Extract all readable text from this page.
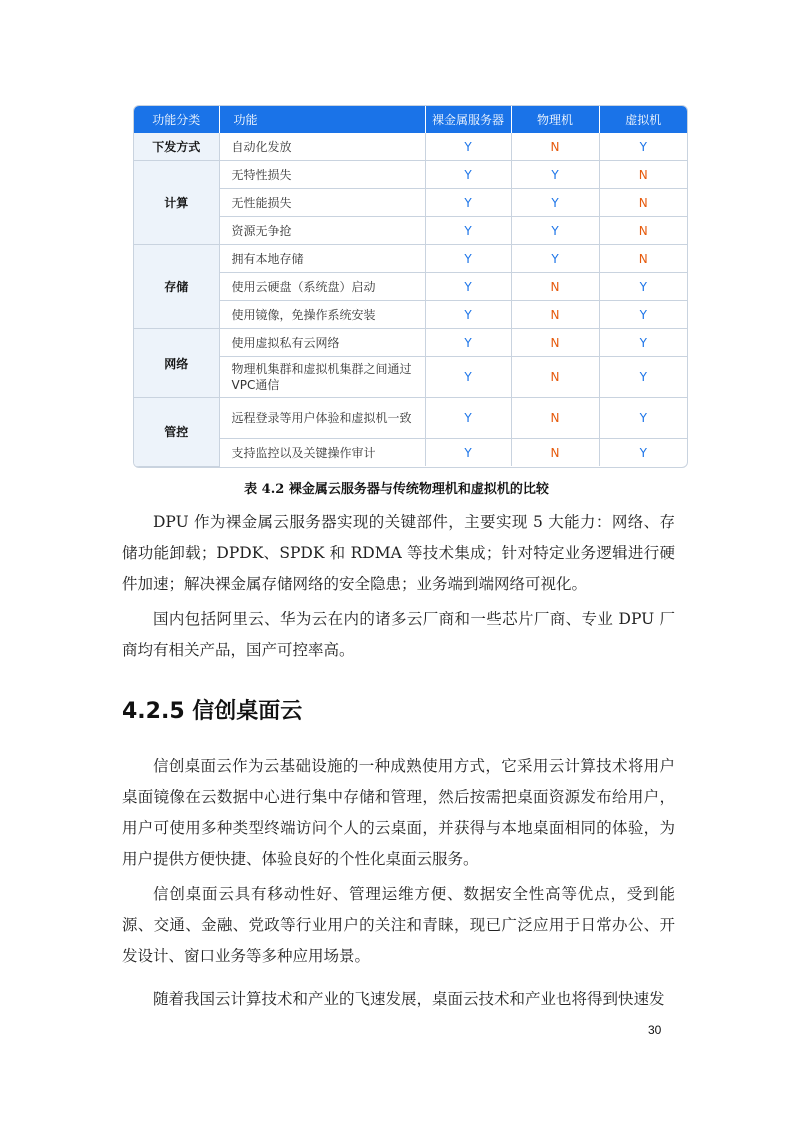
功能分类	功能	裸金属服务器	物理机	虚拟机
下发方式	自动化发放	Y	N	Y
计算	无特性损失	Y	Y	N
	无性能损失	Y	Y	N
	资源无争抢	Y	Y	N
存储	拥有本地存储	Y	Y	N
	使用云硬盘（系统盘）启动	Y	N	Y
	使用镜像，免操作系统安装	Y	N	Y
网络	使用虚拟私有云网络	Y	N	Y
	物理机集群和虚拟机集群之间通过VPC通信	Y	N	Y
管控	远程登录等用户体验和虚拟机一致	Y	N	Y
	支持监控以及关键操作审计	Y	N	Y
表 4.2 裸金属云服务器与传统物理机和虚拟机的比较

DPU 作为裸金属云服务器实现的关键部件，主要实现 5 大能力：网络、存储功能卸载；DPDK、SPDK 和 RDMA 等技术集成；针对特定业务逻辑进行硬件加速；解决裸金属存储网络的安全隐患；业务端到端网络可视化。

国内包括阿里云、华为云在内的诸多云厂商和一些芯片厂商、专业 DPU 厂商均有相关产品，国产可控率高。

4.2.5 信创桌面云

信创桌面云作为云基础设施的一种成熟使用方式，它采用云计算技术将用户桌面镜像在云数据中心进行集中存储和管理，然后按需把桌面资源发布给用户，用户可使用多种类型终端访问个人的云桌面，并获得与本地桌面相同的体验，为用户提供方便快捷、体验良好的个性化桌面云服务。

信创桌面云具有移动性好、管理运维方便、数据安全性高等优点，受到能源、交通、金融、党政等行业用户的关注和青睐，现已广泛应用于日常办公、开发设计、窗口业务等多种应用场景。

随着我国云计算技术和产业的飞速发展，桌面云技术和产业也将得到快速发

30
